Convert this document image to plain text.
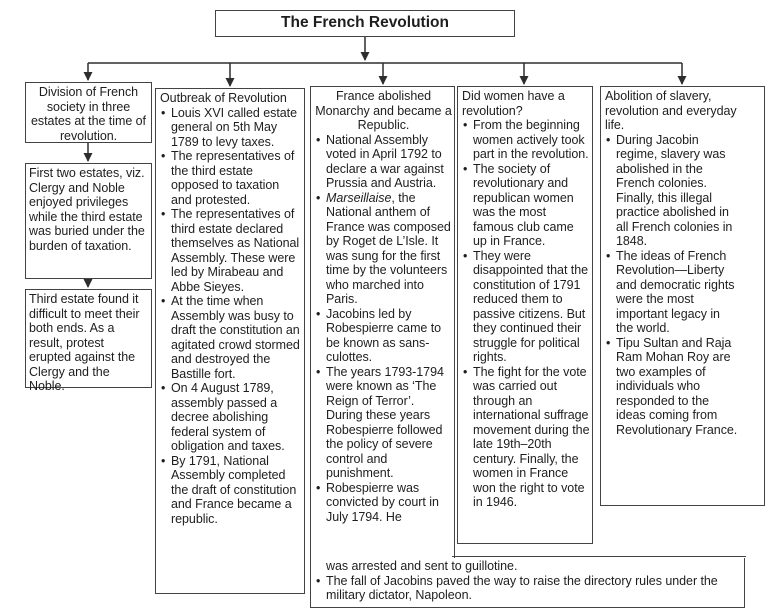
The French Revolution
Division of French society in three estates at the time of revolution.
First two estates, viz. Clergy and Noble enjoyed privileges while the third estate was buried under the burden of taxation.
Third estate found it difficult to meet their both ends. As a result, protest erupted against the Clergy and the Noble.
Outbreak of Revolution
• Louis XVI called estate general on 5th May 1789 to levy taxes.
• The representatives of the third estate opposed to taxation and protested.
• The representatives of third estate declared themselves as National Assembly. These were led by Mirabeau and Abbe Sieyes.
• At the time when Assembly was busy to draft the constitution an agitated crowd stormed and destroyed the Bastille fort.
• On 4 August 1789, assembly passed a decree abolishing federal system of obligation and taxes.
• By 1791, National Assembly completed the draft of constitution and France became a republic.
France abolished Monarchy and became a Republic.
• National Assembly voted in April 1792 to declare a war against Prussia and Austria.
• Marseillaise, the National anthem of France was composed by Roget de L’Isle. It was sung for the first time by the volunteers who marched into Paris.
• Jacobins led by Robespierre came to be known as sans-culottes.
• The years 1793-1794 were known as ‘The Reign of Terror’. During these years Robespierre followed the policy of severe control and punishment.
• Robespierre was convicted by court in July 1794. He
was arrested and sent to guillotine.
• The fall of Jacobins paved the way to raise the directory rules under the military dictator, Napoleon.
Did women have a revolution?
• From the beginning women actively took part in the revolution.
• The society of revolutionary and republican women was the most famous club came up in France.
• They were disappointed that the constitution of 1791 reduced them to passive citizens. But they continued their struggle for political rights.
• The fight for the vote was carried out through an international suffrage movement during the late 19th–20th century. Finally, the women in France won the right to vote in 1946.
Abolition of slavery, revolution and everyday life.
• During Jacobin regime, slavery was abolished in the French colonies. Finally, this illegal practice abolished in all French colonies in 1848.
• The ideas of French Revolution—Liberty and democratic rights were the most important legacy in the world.
• Tipu Sultan and Raja Ram Mohan Roy are two examples of individuals who responded to the ideas coming from Revolutionary France.
